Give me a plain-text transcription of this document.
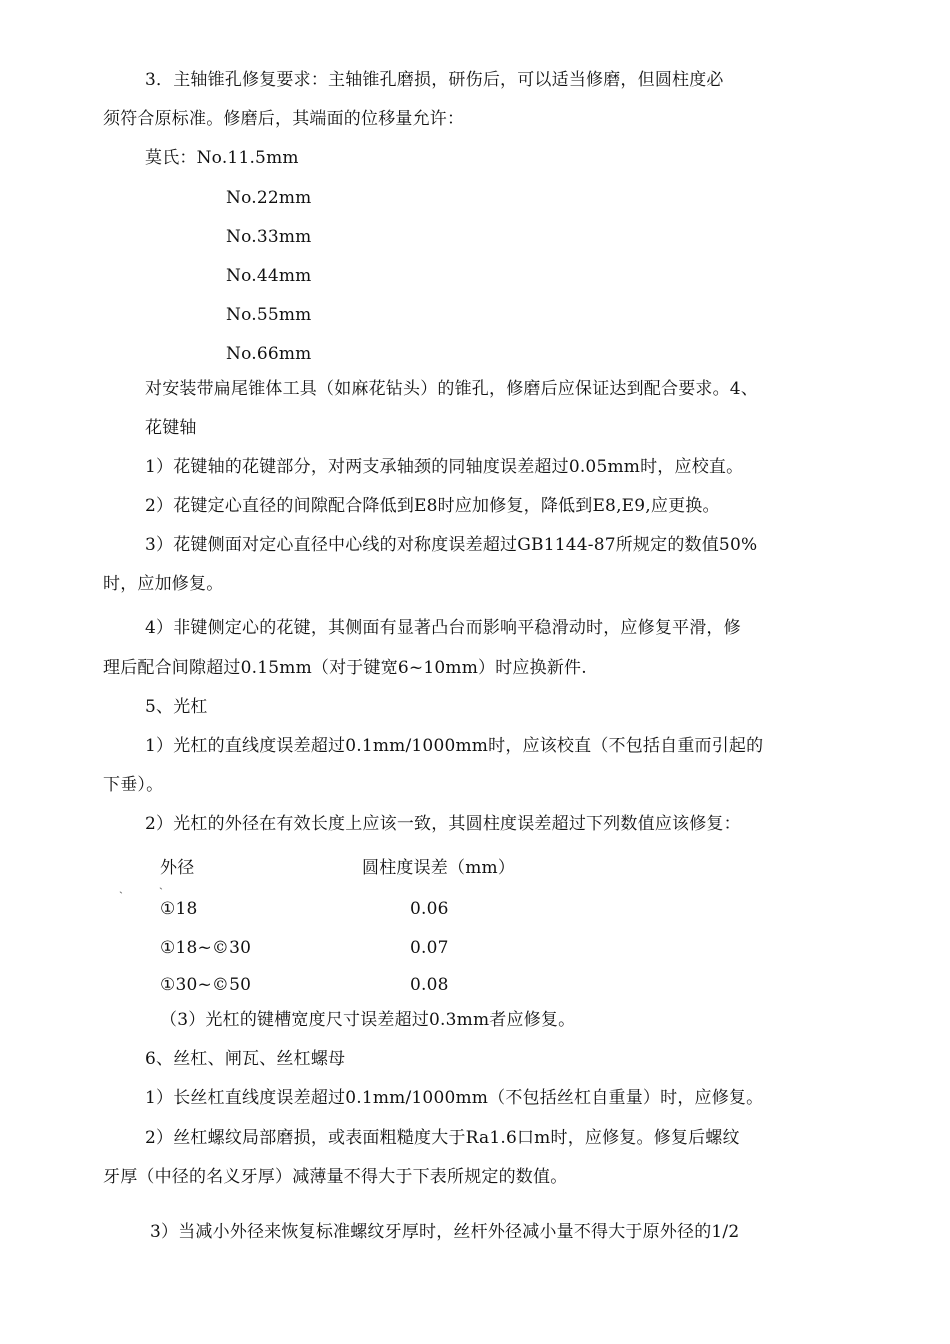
3．主轴锥孔修复要求：主轴锥孔磨损，研伤后，可以适当修磨，但圆柱度必
须符合原标准。修磨后，其端面的位移量允许：
莫氏：No.11.5mm
No.22mm
No.33mm
No.44mm
No.55mm
No.66mm
对安装带扁尾锥体工具（如麻花钻头）的锥孔，修磨后应保证达到配合要求。4、
花键轴
1）花键轴的花键部分，对两支承轴颈的同轴度误差超过0.05mm时，应校直。
2）花键定心直径的间隙配合降低到E8时应加修复，降低到E8,E9,应更换。
3）花键侧面对定心直径中心线的对称度误差超过GB1144-87所规定的数值50%
时，应加修复。
4）非键侧定心的花键，其侧面有显著凸台而影响平稳滑动时，应修复平滑，修
理后配合间隙超过0.15mm（对于键宽6~10mm）时应换新件.
5、光杠
1）光杠的直线度误差超过0.1mm/1000mm时，应该校直（不包括自重而引起的
下垂）。
2）光杠的外径在有效长度上应该一致，其圆柱度误差超过下列数值应该修复：
外径	圆柱度误差（mm）
ˏ	ˎ
①18	0.06
①18~©30	0.07
①30~©50	0.08
（3）光杠的键槽宽度尺寸误差超过0.3mm者应修复。
6、丝杠、闸瓦、丝杠螺母
1）长丝杠直线度误差超过0.1mm/1000mm（不包括丝杠自重量）时，应修复。
2）丝杠螺纹局部磨损，或表面粗糙度大于Ra1.6口m时，应修复。修复后螺纹
牙厚（中径的名义牙厚）减薄量不得大于下表所规定的数值。
3）当减小外径来恢复标准螺纹牙厚时，丝杆外径减小量不得大于原外径的1/2
